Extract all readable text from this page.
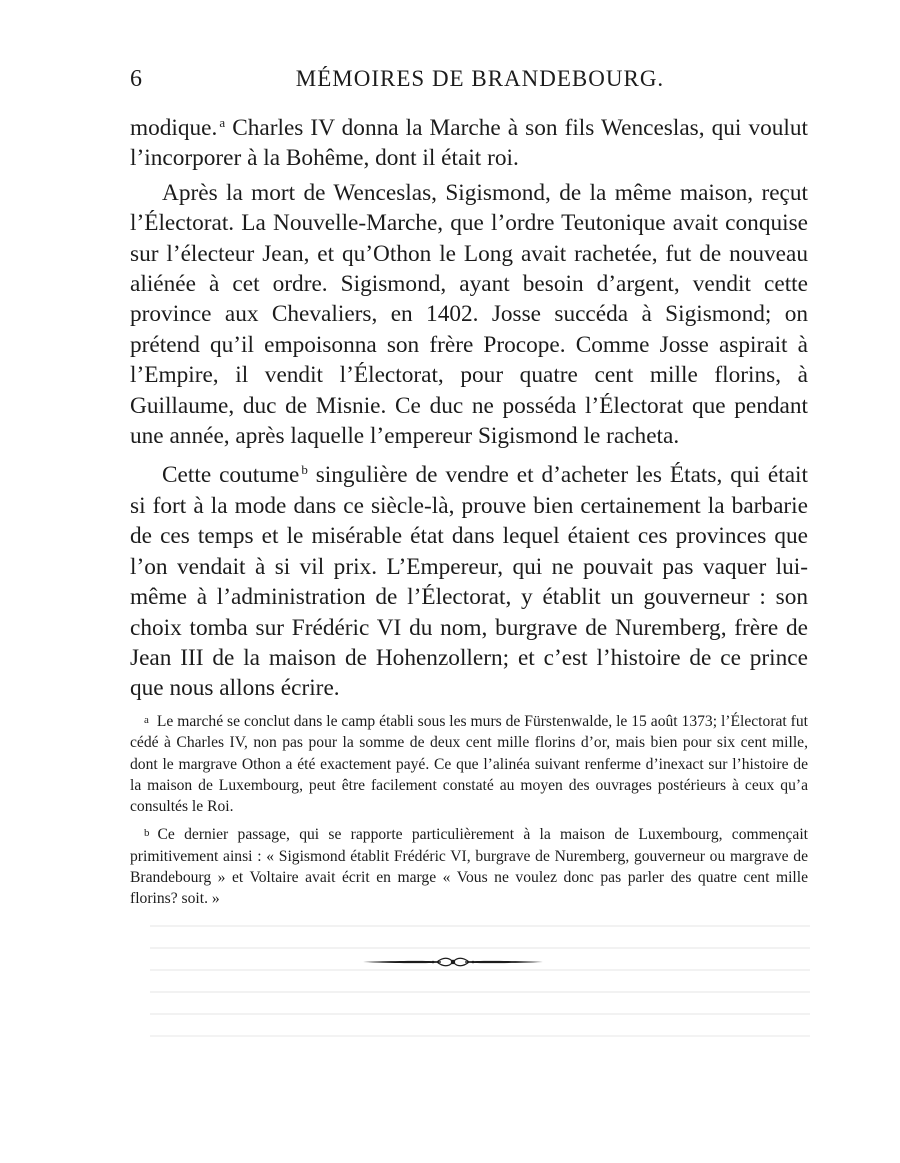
6	MÉMOIRES DE BRANDEBOURG.

modique. $^a$ Charles IV donna la Marche à son fils Wenceslas, qui voulut l’incorporer à la Bohême, dont il était roi.

Après la mort de Wenceslas, Sigismond, de la même maison, reçut l’Électorat. La Nouvelle-Marche, que l’ordre Teutonique avait conquise sur l’électeur Jean, et qu’Othon le Long avait rachetée, fut de nouveau aliénée à cet ordre. Sigismond, ayant besoin d’argent, vendit cette province aux Chevaliers, en 1402. Josse succéda à Sigismond; on prétend qu’il empoisonna son frère Procope. Comme Josse aspirait à l’Empire, il vendit l’Électorat, pour quatre cent mille florins, à Guillaume, duc de Misnie. Ce duc ne posséda l’Électorat que pendant une année, après laquelle l’empereur Sigismond le racheta.

Cette coutume $^b$ singulière de vendre et d’acheter les États, qui était si fort à la mode dans ce siècle-là, prouve bien certainement la barbarie de ces temps et le misérable état dans lequel étaient ces provinces que l’on vendait à si vil prix. L’Empereur, qui ne pouvait pas vaquer lui-même à l’administration de l’Électorat, y établit un gouverneur : son choix tomba sur Frédéric VI du nom, burgrave de Nuremberg, frère de Jean III de la maison de Hohenzollern; et c’est l’histoire de ce prince que nous allons écrire.

a Le marché se conclut dans le camp établi sous les murs de Fürstenwalde, le 15 août 1373; l’Électorat fut cédé à Charles IV, non pas pour la somme de deux cent mille florins d’or, mais bien pour six cent mille, dont le margrave Othon a été exactement payé. Ce que l’alinéa suivant renferme d’inexact sur l’histoire de la maison de Luxembourg, peut être facilement constaté au moyen des ouvrages postérieurs à ceux qu’a consultés le Roi.

b Ce dernier passage, qui se rapporte particulièrement à la maison de Luxembourg, commençait primitivement ainsi : « Sigismond établit Frédéric VI, burgrave de Nuremberg, gouverneur ou margrave de Brandebourg » et Voltaire avait écrit en marge « Vous ne voulez donc pas parler des quatre cent mille florins? soit. »
